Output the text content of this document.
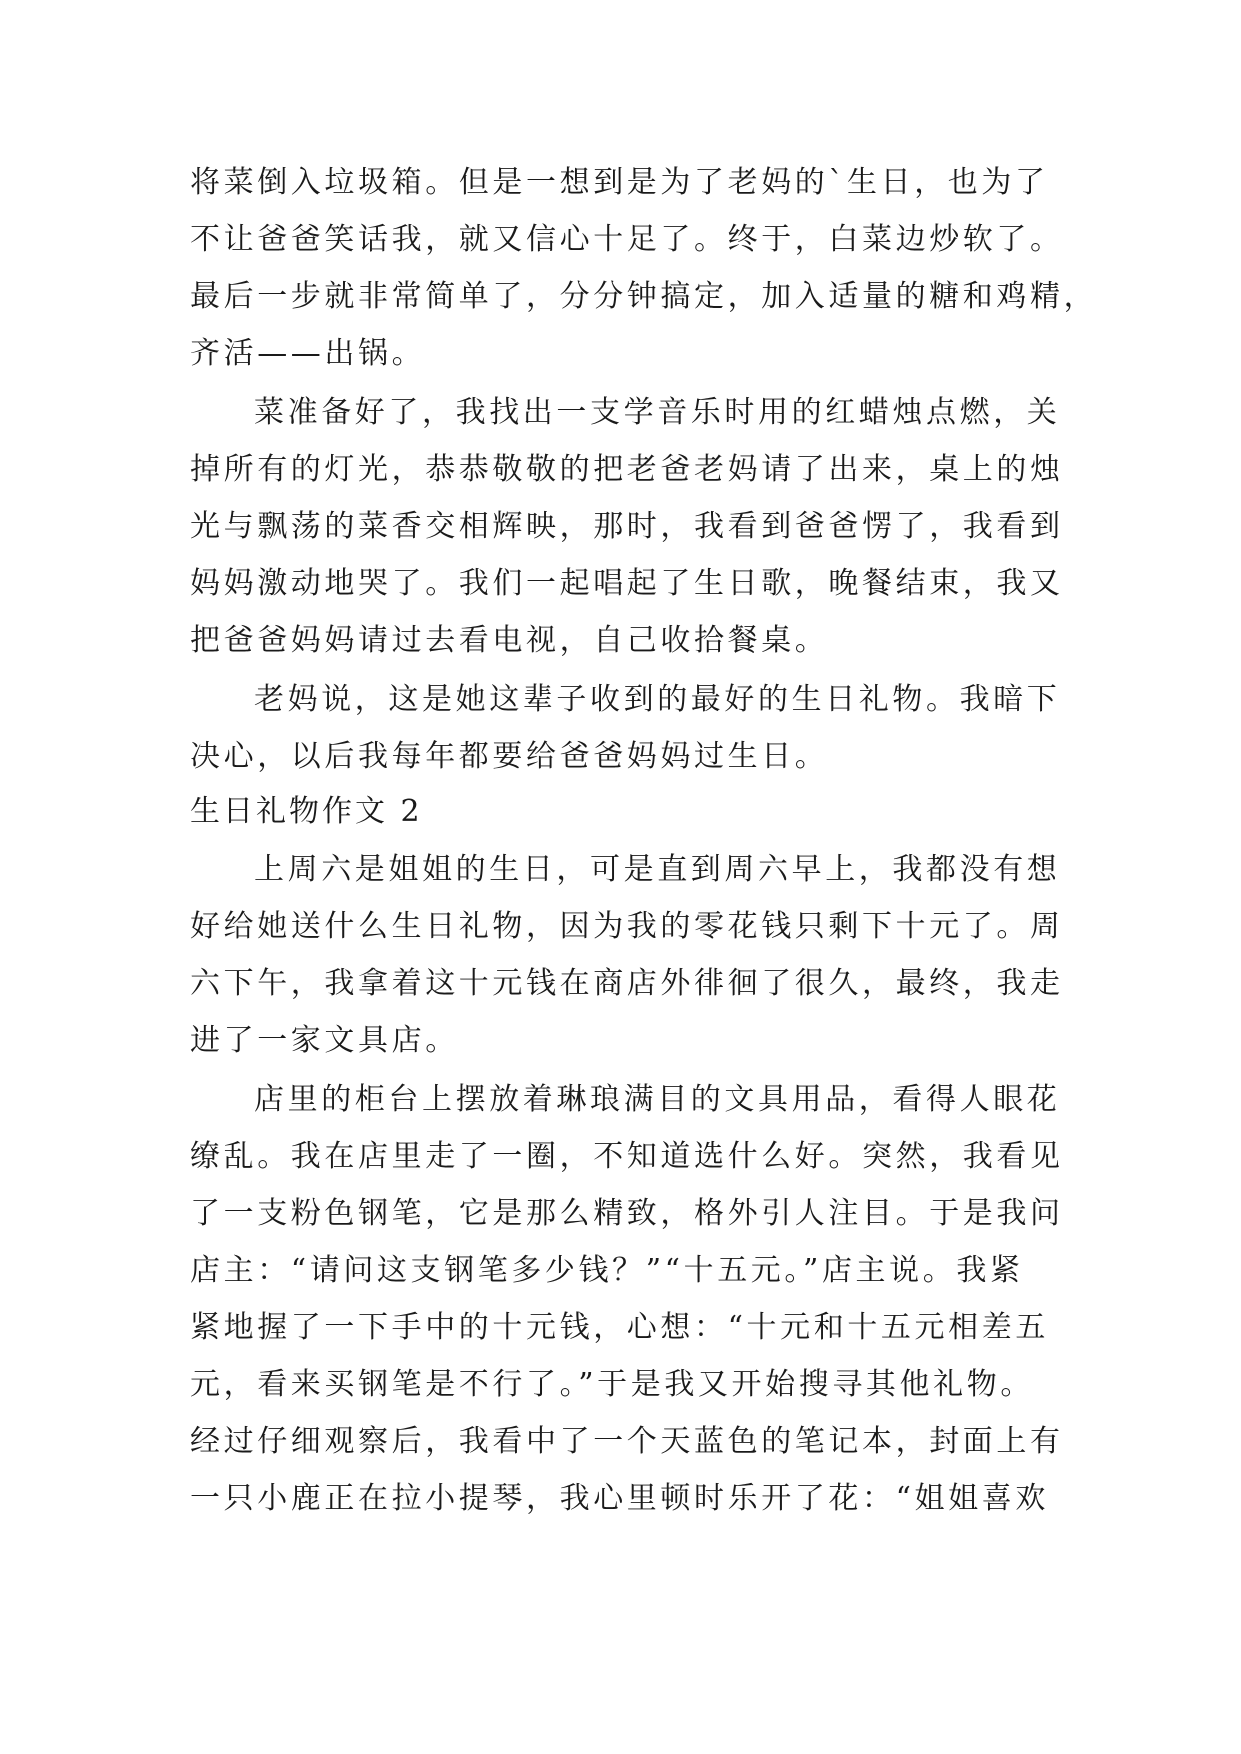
将菜倒入垃圾箱。但是一想到是为了老妈的`生日，也为了
不让爸爸笑话我，就又信心十足了。终于，白菜边炒软了。
最后一步就非常简单了，分分钟搞定，加入适量的糖和鸡精，
齐活——出锅。
菜准备好了，我找出一支学音乐时用的红蜡烛点燃，关
掉所有的灯光，恭恭敬敬的把老爸老妈请了出来，桌上的烛
光与飘荡的菜香交相辉映，那时，我看到爸爸愣了，我看到
妈妈激动地哭了。我们一起唱起了生日歌，晚餐结束，我又
把爸爸妈妈请过去看电视，自己收拾餐桌。
老妈说，这是她这辈子收到的最好的生日礼物。我暗下
决心，以后我每年都要给爸爸妈妈过生日。
生日礼物作文 2
上周六是姐姐的生日，可是直到周六早上，我都没有想
好给她送什么生日礼物，因为我的零花钱只剩下十元了。周
六下午，我拿着这十元钱在商店外徘徊了很久，最终，我走
进了一家文具店。
店里的柜台上摆放着琳琅满目的文具用品，看得人眼花
缭乱。我在店里走了一圈，不知道选什么好。突然，我看见
了一支粉色钢笔，它是那么精致，格外引人注目。于是我问
店主：“请问这支钢笔多少钱？”“十五元。”店主说。我紧
紧地握了一下手中的十元钱，心想：“十元和十五元相差五
元，看来买钢笔是不行了。”于是我又开始搜寻其他礼物。
经过仔细观察后，我看中了一个天蓝色的笔记本，封面上有
一只小鹿正在拉小提琴，我心里顿时乐开了花：“姐姐喜欢
